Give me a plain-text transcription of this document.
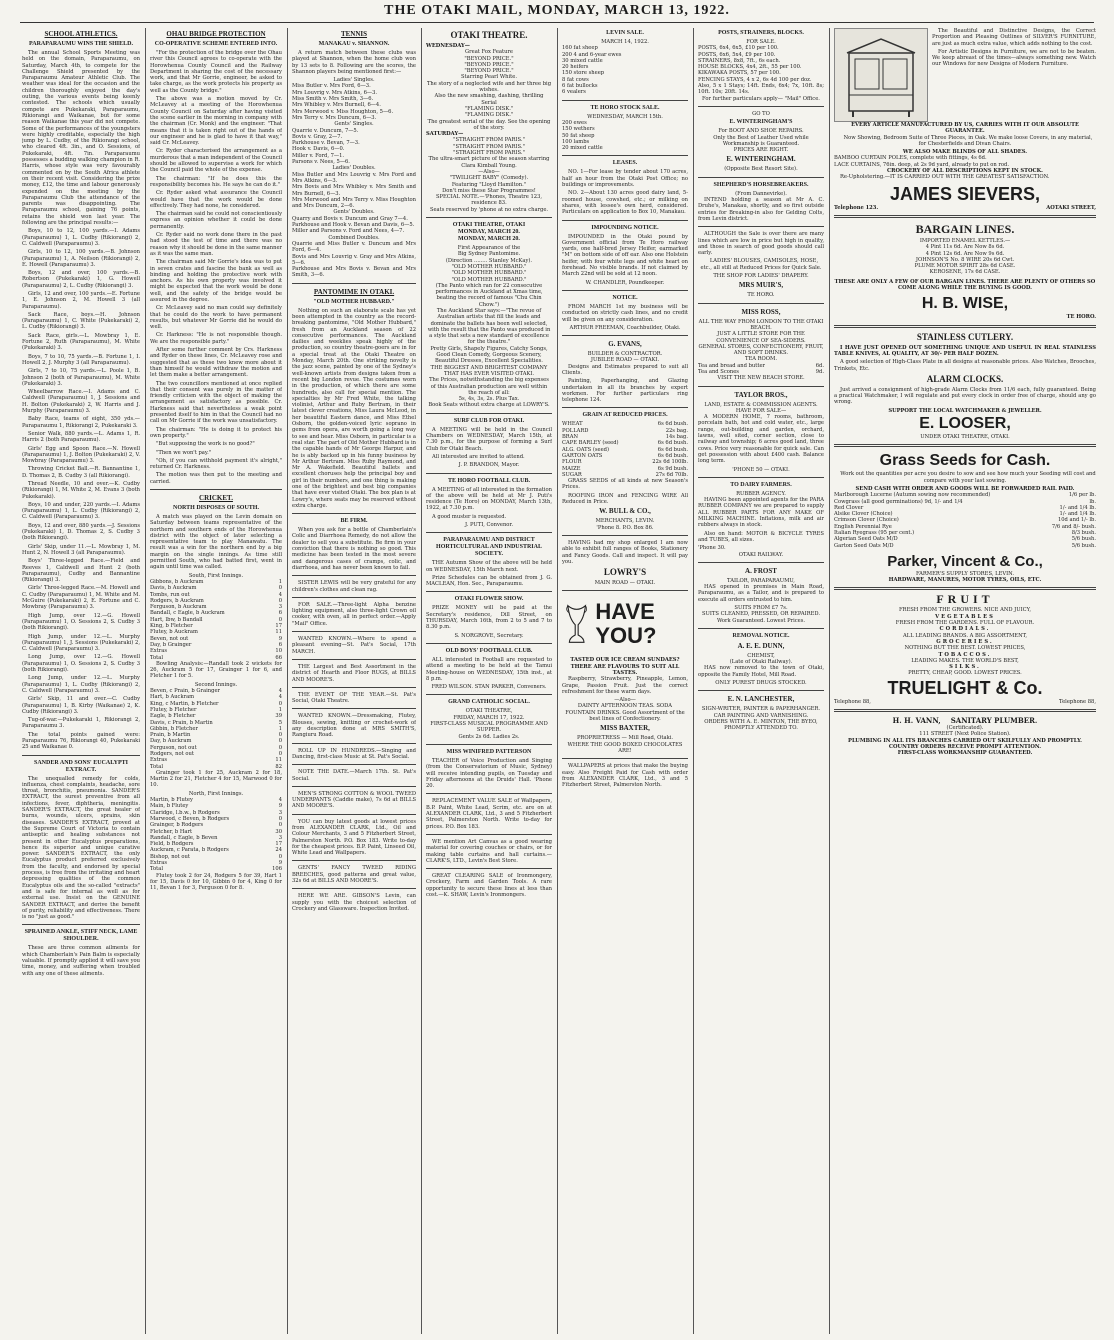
THE OTAKI MAIL, MONDAY, MARCH 13, 1922.
SCHOOL ATHLETICS.
PARAPARAUMU WINS THE SHIELD.

The annual School Sports Meeting was held on the domain, Paraparaumu, on Saturday, March 4th, to compete for the Challenge Shield presented by the Paraparaumu Amateur Athletic Club. The weather was ideal for the occasion and the children thoroughly enjoyed the day's outing, the various events being keenly contested. The schools which usually compete are Pukekaraki, Paraparaumu, Rikiorangi and Waikanae, but for some reason Waikanae this year did not compete. Some of the performances of the youngsters were highly creditable, especially the high jump by L. Cudby, of the Rikiorangi school, who cleared 4ft. 3in., and O. Sessions, of Pukekaraki, 4ft. 7in. Paraparaumu possesses a budding walking champion in R. Harris, whose style was very favourably commented on by the South Africa athlete on their recent visit. Considering the prize money, £12, the time and labour generously expended on the meeting by the Paraparaumu Club the attendance of the parents was disappointing. The Paraparaumu school, gaining 76 points, retains the shield won last year. The following are the principal results:—

Boys, 10 to 12, 100 yards.—I. Adams (Paraparaumu) 1, L. Cudby (Rikiorangi) 2, C. Caldwell (Paraparaumu) 3.

Girls, 10 to 12, 100 yards.—B. Johnson (Paraparaumu) 1, A. Neilson (Rikiorangi) 2, E. Howell (Paraparaumu) 3.

Boys, 12 and over, 100 yards.—B. Robertson (Pukekaraki) 1, G. Howell (Paraparaumu) 2, L. Cudby (Rikiorangi) 3.

Girls, 12 and over, 100 yards.—E. Fortune 1, E. Johnson 2, M. Howell 3 (all Paraparaumu).

Sack Race, boys.—H. Johnson (Paraparaumu) 1, C. White (Pukekaraki) 2, L. Cudby (Rikiorangi) 3.

Sack Race, girls.—L. Mowbray 1, E. Fortune 2, Ruth (Paraparaumu), M. White (Pukekaraki) 3.

Boys, 7 to 10, 75 yards.—B. Fortune 1, I. Howell 2, J. Murphy 3 (all Paraparaumu).

Girls, 7 to 10, 75 yards.—L. Poole 1, B. Johnson 2 (both of Paraparaumu), M. White (Pukekaraki) 3.

Wheelbarrow Race.—I. Adams and C. Caldwell (Paraparaumu) 1, J. Sessions and H. Bolton (Pukekaraki) 2, W. Harris and J. Murphy (Paraparaumu) 3.

Baby Race, teams of eight, 350 yds.—Paraparaumu 1, Rikiorangi 2, Pukekaraki 3.

Senior Walk, 880 yards.—L. Adams 1, R. Harris 2 (both Paraparaumu).

Girls' Egg and Spoon Race.—N. Howell (Paraparaumu) 1, J. Bolton (Pukekaraki) 2, V. Mowbray (Paraparaumu) 3.

Throwing Cricket Ball.—R. Bannantine 1, D. Thomas 2, B. Cudby 3 (all Rikiorangi).

Thread Needle, 10 and over.—K. Cudby (Rikiorangi) 1, M. White 2, M. Evans 3 (both Pukekaraki).

Boys, 10 and under, 220 yards.—I. Adams (Paraparaumu) 1, L. Cudby (Rikiorangi) 2, C. Caldwell (Paraparaumu) 3.

Boys, 12 and over, 880 yards.—J. Sessions (Pukekaraki) 1, D. Thomas 2, S. Cudby 3 (both Rikiorangi).

Girls' Skip, under 11.—L. Mowbray 1, M. Hunt 2, N. Howell 3 (all Paraparaumu).

Boys' Three-legged Race.—Field and Reeves 1, Caldwell and Hunt 2 (both Paraparaumu), Cudby and Bannantine (Rikiorangi) 3.

Girls' Three-legged Race.—M. Howell and C. Cudby (Paraparaumu) 1, M. White and M. McGuire (Pukekaraki) 2, E. Fortune and C. Mowbray (Paraparaumu) 3.

High Jump, over 12.—G. Howell (Paraparaumu) 1, O. Sessions 2, S. Cudby 3 (both Rikiorangi).

High Jump, under 12.—L. Murphy (Paraparaumu) 1, J. Sessions (Pukekaraki) 2, C. Caldwell (Paraparaumu) 3.

Long Jump, over 12.—G. Howell (Paraparaumu) 1, O. Sessions 2, S. Cudby 3 (both Rikiorangi).

Long Jump, under 12.—L. Murphy (Paraparaumu) 1, L. Cudby (Rikiorangi) 2, C. Caldwell (Paraparaumu) 3.

Girls' Skip, 11 and over.—C. Cudby (Paraparaumu) 1, B. Kirby (Waikanae) 2, K. Cudby (Rikiorangi) 3.

Tug-of-war.—Pukekaraki 1, Rikiorangi 2, Paraparaumu 3.

The total points gained were: Paraparaumu 76, Rikiorangi 40, Pukekaraki 25 and Waikanae 0.

SANDER AND SONS' EUCALYPTI EXTRACT.

The unequalled remedy for colds, influenza, chest complaints, headache, sore throat, bronchitis, pneumonia. SANDER'S EXTRACT, the surest preventive from all infections, fever, diphtheria, meningitis. SANDER'S EXTRACT, the great healer of burns, wounds, ulcers, sprains, skin diseases. SANDER'S EXTRACT, proved at the Supreme Court of Victoria to contain antiseptic and healing substances not present in other Eucalyptus preparations, hence its superior and unique curative power. SANDER'S EXTRACT, the only Eucalyptus product preferred exclusively from the faculty, and endorsed by special process, is free from the irritating and heart depressing qualities of the common Eucalyptus oils and the so-called "extracts" and is safe for internal as well as for external use. Insist on the GENUINE SANDER EXTRACT, and derive the benefit of purity, reliability and effectiveness. There is no "just as good."

SPRAINED ANKLE, STIFF NECK, LAME SHOULDER.

These are three common ailments for which Chamberlain's Pain Balm is especially valuable. If promptly applied it will save you time, money, and suffering when troubled with any one of these ailments.

OHAU BRIDGE PROTECTION
CO-OPERATIVE SCHEME ENTERED INTO.

"For the protection of the bridge over the Ohau river this Council agrees to co-operate with the Horowhenua County Council and the Railway Department in sharing the cost of the necessary work, and that Mr Gorrie, engineer, be asked to take charge, as the work protects his property as well as the County bridge."

The above was a motion moved by Cr. McLeavey at a meeting of the Horowhenua County Council on Saturday after having visited the scene earlier in the morning in company with the chairman (Cr. Monk) and the engineer. "That means that it is taken right out of the hands of our engineer and he is glad to have it that way," said Cr. McLeavey.

Cr. Ryder characterised the arrangement as a murderous that a man independent of the Council should be allowed to supervise a work for which the Council paid the whole of the expense.

The chairman: "If he does this the responsibility becomes his. He says he can do it."

Cr. Ryder asked what assurance the Council would have that the work would be done effectively. They had none, he considered.

The chairman said he could not conscientiously express an opinion whether it could be done permanently.

Cr. Ryder said no work done there in the past had stood the test of time and there was no reason why it should be done in the same manner as it was the same man.

The chairman said Mr Gorrie's idea was to put in seven crates and fascine the bank as well as binding and holding the protective work with anchors. As his own property was involved it might be expected that the work would be done well, and the safety of the bridge would be assured in the degree.

Cr. McLeavey said no man could say definitely that he could do the work to have permanent results, but whatever Mr Gorrie did he would do well.

Cr. Harkness: "He is not responsible though. We are the responsible party."

After some further comment by Crs. Harkness and Ryder on these lines, Cr. McLeavey rose and suggested that as these two knew more about it than himself he would withdraw the motion and let them make a better arrangement.

The two councillors mentioned at once replied that their consent was purely in the matter of friendly criticism with the object of making the arrangement as satisfactory as possible. Cr. Harkness said that nevertheless a weak point presented itself to him in that the Council had no call on Mr Gorrie if the work was unsatisfactory.

The chairman: "He is doing it to protect his own property."

"But supposing the work is no good?"

"Then we won't pay."

"Oh, if you can withhold payment it's alright," returned Cr. Harkness.

The motion was then put to the meeting and carried.

CRICKET.
NORTH DISPOSES OF SOUTH.

A match was played on the Levin domain on Saturday between teams representative of the northern and southern ends of the Horowhenua district with the object of later selecting a representative team to play Manawatu. The result was a win for the northern end by a big margin on the single innings. As time still permitted South, who had batted first, went in again until time was called.

South, First Innings.
Gibbons, b Auckram	1
Davis, b Auckram	0
Tombs, run out	4
Rodgers, b Auckram	0
Ferguson, b Auckram	3
Bandall, c Eagle, b Auckram	6
Hart, lbw, b Bandall	0
King, b Fletcher	17
Flutey, b Auckram	11
Beven, not out	9
Day, b Grainger	6
Extras	10
Total	66

Bowling Analysis:—Randall took 2 wickets for 26, Auckram 5 for 17, Grainger 1 for 6, and Fletcher 1 for 5.

Second Innings.
Beven, c Prain, b Grainger	4
Hart, b Auckram	4
King, c Martin, b Fletcher	0
Flutey, b Fletcher	1
Eagle, b Fletcher	39
Davis, c Prain, b Martin	5
Gibbin, b Fletcher	1
Prain, b Martin	0
Day, b Auckram	0
Ferguson, not out	0
Rodgers, not out	0
Extras	11
Total	82

Grainger took 1 for 25, Auckram 2 for 18, Martin 2 for 21, Fletcher 4 for 15, Marwood 0 for 10.

North, First Innings.
Martin, b Flutey	4
Main, b Flutey	9
Claridge, l.b.w., b Rodgers	3
Marwood, c Beven, b Rodgers	0
Grainger, b Rodgers	0
Fletcher, b Hart	30
Randall, c Eagle, b Beven	3
Field, b Rodgers	17
Auckram, c Parata, b Rodgers	24
Bishop, not out	0
Extras	9
Total	106

Flutey took 2 for 24, Rodgers 5 for 39, Hart 1 for 15, Davis 0 for 10, Gibbin 0 for 4, King 0 for 11, Bevan 1 for 3, Ferguson 0 for 8.

TENNIS
MANAKAU v. SHANNON.

A return match between these clubs was played at Shannon, when the home club won by 13 sets to 8. Following are the scores, the Shannon players being mentioned first:—

Ladies' Singles.
Miss Butler v. Mrs Ford, 6—3.
Mrs Louvrig v. Mrs Atkins, 6—3.
Miss Smith v. Mrs Smith, 3—6.
Mrs Whibley v. Mrs Burnell, 6—4.
Mrs Merwood v. Miss Houghton, 5—6.
Mrs Terry v. Mrs Duncum, 6—3.
Gents' Singles.
Quarrie v. Duncum, 7—5.
Bovis v. Gray, 2—7.
Parkhouse v. Bevan, 7—3.
Hook v. Davis, 6—0.
Miller v. Ford, 7—1.
Parsons v. Nees, 5—6.
Ladies' Doubles.
Miss Butler and Mrs Louvrig v. Mrs Ford and Mrs Atkins, 6—3.
Mrs Bovis and Mrs Whibley v. Mrs Smith and Mrs Burnell, 6—3.
Mrs Merwood and Mrs Terry v. Miss Houghton and Mrs Duncum, 2—6.
Gents' Doubles.
Quarry and Bovis v. Duncum and Gray 7—4.
Parkhouse and Hook v. Bevan and Davis, 6—5.
Miller and Parsons v. Ford and Nees, 4—7.
Combined Doubles.
Quarrie and Miss Butler v. Duncum and Mrs Ford, 6—4.
Bovis and Mrs Louvrig v. Gray and Mrs Atkins, 5—6.
Parkhouse and Mrs Bovis v. Bevan and Mrs Smith, 3—6.
PANTOMIME IN OTAKI.
"OLD MOTHER HUBBARD."

Nothing on such an elaborate scale has yet been attempted in the country as the record-breaking pantomime, "Old Mother Hubbard," fresh from an Auckland season of 22 consecutive performances. The Auckland dailies and weeklies speak highly of the production, so country theatre-goers are in for a special treat at the Otaki Theatre on Monday, March 20th. One striking novelty is the jazz scene, painted by one of the Sydney's well-known artists from designs taken from a recent big London revue. The costumes worn in the production, of which there are some hundreds, also call for special mention. The specialties by Mr Fred White, the talking violinist, Arthur and Ruby Bertram, in their latest clever creations, Miss Laura McLeod, in her beautiful Eastern dance, and Miss Ethel Osborn, the golden-voiced lyric soprano in gems from opera, are worth going a long way to see and hear. Miss Osborn, in particular is a real star. The part of Old Mother Hubbard is in the capable hands of Mr George Harpur, and he is ably backed up in his funny business by Mr Arthur Bertram. Miss Ruby Raymond, and Mr A. Wakefield. Beautiful ballets and excellent choruses help the principal boy and girl in their numbers, and one thing is making one of the brightest and best big companies that have ever visited Otaki. The box plan is at Lowry's, where seats may be reserved without extra charge.

BE FIRM.

When you ask for a bottle of Chamberlain's Colic and Diarrhoea Remedy, do not allow the dealer to sell you a substitute. Be firm in your conviction that there is nothing so good. This medicine has been tested in the most severe and dangerous cases of cramps, colic, and diarrhoea, and has never been known to fail.

SISTER LEWIS will be very grateful for any children's clothes and clean rag.

FOR SALE.—Three-light Alpha benzine lighting equipment, also three-light Crown oil cooker, with oven, all in perfect order.—Apply "Mail" Office.

WANTED KNOWN.—Where to spend a pleasant evening—St. Pat's Social, 17th MARCH.

THE Largest and Best Assortment in the district of Hearth and Floor RUGS, at BILLS AND MOORE'S.

THE EVENT OF THE YEAR.—St. Pat's Social, Otaki Theatre.

WANTED KNOWN.—Dressmaking, Flutey, Blouses, sewing, knitting or crochet-work of any description done at MRS SMITH'S, Rangiuru Road.

ROLL UP IN HUNDREDS.—Singing and Dancing, first-class Music at St. Pat's Social.

NOTE THE DATE.—March 17th. St. Pat's Social.

MEN'S STRONG COTTON & WOOL TWEED UNDERPANTS (Caddie make), 7s 6d at BILLS AND MOORE'S.

YOU can buy latest goods at lowest prices from ALEXANDER CLARK, Ltd., Oil and Colour Merchants, 3 and 5 Fitzherbert Street, Palmerston North. P.O. Box 183. Write to-day for the cheapest prices. B.P. Paint, Linseed Oil, White Lead and Wallpapers.

GENTS' FANCY TWEED RIDING BREECHES, good patterns and great value, 32s 6d at BILLS AND MOORE'S.

HERE WE ARE. GIBSON'S Levin, can supply you with the choicest selection of Crockery and Glassware. Inspection Invited.

OTAKI THEATRE.
WEDNESDAY—
Great Fox Feature
"BEYOND PRICE."
"BEYOND PRICE."
"BEYOND PRICE."
Starring Pearl White.
The story of a neglected wife and her three big wishes.
Also the new smashing, dashing, thrilling Serial
"FLAMING DISK."
"FLAMING DISK."
The greatest serial of the day. See the opening of the story.
SATURDAY—
"STRAIGHT FROM PARIS."
"STRAIGHT FROM PARIS."
"STRAIGHT FROM PARIS."
The ultra-smart picture of the season starring Clara Kimball Young.
—Also—
"TWILIGHT BABY" (Comedy).
Featuring "Lloyd Hamilton."
Don't miss these Star Programmes!
SPECIAL NOTE.—'Phones, Theatre 123, residence 83.
Seats reserved by 'phone at no extra charge.
OTAKI THEATRE, OTAKI
MONDAY, MARCH 20.
MONDAY, MARCH 20.
First Appearance of the
Big Sydney Pantomime.
(Direction ........ Stanley McKay).
"OLD MOTHER HUBBARD."
"OLD MOTHER HUBBARD."
"OLD MOTHER HUBBARD."
(The Panto which ran for 22 consecutive performances in Auckland at Xmas time, beating the record of famous "Chu Chin Chow.")
The Auckland Star says:—"The revue of Australian artists that fill the leads and dominate the ballets has been well selected, with the result that the Panto was produced in a style that sets a new standard of excellence for the theatre."
Pretty Girls, Shapely Figures, Catchy Songs, Good Clean Comedy, Gorgeous Scenery, Beautiful Dresses, Excellent Specialities.
THE BIGGEST AND BRIGHTEST COMPANY THAT HAS EVER VISITED OTAKI.
The Prices, notwithstanding the big expenses of this Australian production are well within the reach of all:
5s, 4s, 3s, 2s. Plus Tax.
Book Seats without extra charge at LOWRY'S.
SURF CLUB FOR OTAKI.

A MEETING will be held in the Council Chambers on WEDNESDAY, March 15th, at 7.30 p.m., for the purpose of forming a Surf Club for Otaki Beach.

All interested are invited to attend.

J. P. BRANDON, Mayor.
TE HORO FOOTBALL CLUB.

A MEETING of all interested in the formation of the above will be held at Mr J. Puti's residence (Te Horo) on MONDAY, March 13th, 1922, at 7.30 p.m.

A good muster is requested.

J. PUTI, Convenor.
PARAPARAUMU AND DISTRICT HORTICULTURAL AND INDUSTRIAL SOCIETY.

THE Autumn Show of the above will be held on WEDNESDAY, 15th March next.

Prize Schedules can be obtained from J. G. MACLEAN, Hon. Sec., Paraparaumu.

OTAKI FLOWER SHOW.

PRIZE MONEY will be paid at the Secretary's residence, Dill Street, on THURSDAY, March 16th, from 2 to 5 and 7 to 8.30 p.m.

S. NORGROVE, Secretary.
OLD BOYS' FOOTBALL CLUB.

ALL interested in Football are requested to attend a meeting to be held at the Tamui Meeting-house on WEDNESDAY, 15th inst., at 8 p.m.

FRED WILSON. STAN PARKER, Conveners.
GRAND CATHOLIC SOCIAL.
OTAKI THEATRE,
FRIDAY, MARCH 17, 1922.
FIRST-CLASS MUSICAL PROGRAMME AND SUPPER.
Gents 2s 6d. Ladies 2s.
MISS WINIFRED PATTERSON

TEACHER of Voice Production and Singing (from the Conservatorium of Music, Sydney) will receive intending pupils, on Tuesday and Friday afternoons at the Druids' Hall. 'Phone 20.

REPLACEMENT VALUE SALE of Wallpapers, B.P. Paint, White Lead, Scrim, etc. are on at ALEXANDER CLARK, Ltd., 3 and 5 Fitzherbert Street, Palmerston North. Write to-day for prices. P.O. Box 183.

WE mention Art Canvas as a good wearing material for covering couches or chairs, or for making table curtains and hall curtains.—CLARK'S, LTD., Levin's Best Store.

GREAT CLEARING SALE of Ironmongery, Crockery, Farm and Garden Tools. A rare opportunity to secure these lines at less than cost.—K. SHAW, Levin's Ironmongers.

LEVIN SALE.
MARCH 14, 1922.
160 fat sheep
200 4 and 6-year ewes
30 mixed cattle
20 heifers
150 store sheep
8 fat cows
6 fat bullocks
6 vealers
TE HORO STOCK SALE.
WEDNESDAY, MARCH 15th.
200 ewes
150 wethers
50 fat sheep
100 lambs
20 mixed cattle
LEASES.

NO. 1—For lease by tender about 170 acres, half an hour from the Otaki Post Office; no buildings or improvements.

NO. 2—About 130 acres good dairy land, 5-roomed house, cowshed, etc.; or milking on shares, with lessee's own herd, considered. Particulars on application to Box 10, Manakau.

IMPOUNDING NOTICE.

IMPOUNDED in the Otaki pound by Government official from Te Horo railway yards, one half-bred Jersey Heifer, earmarked "M" on bottom side of off ear. Also one Holstein heifer, with four white legs and white heart on forehead. No visible brands. If not claimed by March 22nd will be sold at 12 noon.

W. CHANDLER, Poundkeeper.
NOTICE.

FROM MARCH 1st my business will be conducted on strictly cash lines, and no credit will be given on any consideration.

ARTHUR FREEMAN, Coachbuilder, Otaki.
G. EVANS,
BUILDER & CONTRACTOR.
JUBILEE ROAD — OTAKI.

Designs and Estimates prepared to suit all Clients.

Painting, Paperhanging, and Glazing undertaken in all its branches by expert workmen. For further particulars ring telephone 124.

GRAIN AT REDUCED PRICES.
WHEAT	6s 6d bush.
POLLARD	22s bag.
BRAN	14s bag.
CAPE BARLEY (seed)	6s 6d bush.
ALG. OATS (seed)	6s 6d bush.
GARTON OATS	6s 6d bush.
FLOUR	22s 6d 100lb.
MAIZE	6s 9d bush.
SUGAR	27s 6d 70lb.

GRASS SEEDS of all kinds at new Season's Prices.

ROOFING IRON and FENCING WIRE All Reduced in Price.

W. BULL & CO.,
MERCHANTS, LEVIN.
'Phone 8. P.O. Box 86.

HAVING had my shop enlarged I am now able to exhibit full ranges of Books, Stationery and Fancy Goods. Call and inspect. It will pay you.

LOWRY'S
MAIN ROAD — OTAKI.
HAVE YOU?
TASTED OUR ICE CREAM SUNDAES? THERE ARE FLAVOURS TO SUIT ALL TASTES.

Raspberry, Strawberry, Pineapple, Lemon, Grape, Passion Fruit. Just the correct refreshment for these warm days.

—Also—
DAINTY AFTERNOON TEAS. SODA FOUNTAIN DRINKS. Good Assortment of the best lines of Confectionery.
MISS BAXTER,
PROPRIETRESS — Mill Road, Otaki.
WHERE THE GOOD BOXED CHOCOLATES ARE!

WALLPAPERS at prices that make the buying easy. Also Freight Paid for Cash with order from ALEXANDER CLARK, Ltd., 3 and 5 Fitzherbert Street, Palmerston North.

POSTS, STRAINERS, BLOCKS.
FOR SALE.
POSTS, 6x4, 6x5, £10 per 100.
POSTS, 6x6, 5x4, £9 per 100.
STRAINERS, 8x8, 7ft., 6s each.
HOUSE BLOCKS, 4x4, 2ft., 55 per 100.
KIKAWAKA POSTS, 57 per 100.
FENCING STAYS, 4 x 2, 6s 4d 100 per doz.
Also, 5 x 1 Stays; 14ft. Ends, 6x4; 7x, 10ft. 8s; 10ft. 10s; 20ft. 14s.
For further particulars apply— "Mail" Office.
GO TO
E. WINTERINGHAM'S
For BOOT AND SHOE REPAIRS.
Only the Best of Leather Used while Workmanship is Guaranteed.
PRICES ARE RIGHT.
E. WINTERINGHAM.
(Opposite Best Resort Site).
SHEPHERD'S HORSEBREAKERS.
(From Dannevirke).

INTEND holding a season at Mr A. C. Druhe's, Manakau, shortly, and so first outside entries for Breaking-in also for Gelding Colts, from Levin district.

ALTHOUGH the Sale is over there are many lines which are low in price but high in quality, and those in search of good goods should call early.

LADIES' BLOUSES, CAMISOLES, HOSE, etc., all still at Reduced Prices for Quick Sale.

THE SHOP FOR LADIES' DRAPERY.
MRS MUIR'S,
TE HORO.
MISS ROSS,
ALL THE WAY FROM LONDON TO THE OTAKI BEACH.
JUST A LITTLE STORE FOR THE CONVENIENCE OF SEA-SIDERS.
GENERAL STORES, CONFECTIONERY, FRUIT, AND SOFT DRINKS.
TEA ROOM.
Tea and bread and butter	6d.
Tea and Scones	9d.
VISIT THE NEW BEACH STORE.
TAYLOR BROS.,
LAND, ESTATE & COMMISSION AGENTS.
HAVE FOR SALE—

A MODERN HOME, 7 rooms, bathroom, porcelain bath, hot and cold water, etc., large range, out-building and garden, orchard, lawns, well sited, corner section, close to railway and township; 6 acres good land, three cows. Price very reasonable for quick sale. Can get possession with about £400 cash. Balance long term.

'PHONE 50 — OTAKI.
TO DAIRY FARMERS.
RUBBER AGENCY.

HAVING been appointed agents for the PARA RUBBER COMPANY we are prepared to supply ALL RUBBER PARTS FOR ANY MAKE OF MILKING MACHINE. Inflations, milk and air rubbers always in stock.

Also on hand: MOTOR & BICYCLE TYRES and TUBES, all sizes.

'Phone 30.
OTAKI RAILWAY.
A. FROST
TAILOR, PARAPARAUMU,

HAS opened in premises in Main Road, Paraparaumu, as a Tailor, and is prepared to execute all orders entrusted to him.

SUITS FROM £7 7s.
SUITS CLEANED, PRESSED, OR REPAIRED.
Work Guaranteed. Lowest Prices.
REMOVAL NOTICE.
A. E. E. DUNN,
CHEMIST,
(Late of Otaki Railway).

HAS now removed to the town of Otaki, opposite the Family Hotel, Mill Road.

ONLY PUREST DRUGS STOCKED.
E. N. LANCHESTER,
SIGN-WRITER, PAINTER & PAPERHANGER.
CAR PAINTING AND VARNISHING.
ORDERS WITH A. E. MINTON, THE BYEO, PROMPTLY ATTENDED TO.

The Beautiful and Distinctive Designs, the Correct Proportion and Pleasing Outlines of SILVER'S FURNITURE, are just as much extra value, which adds nothing to the cost.

For Artistic Designs in Furniture, we are not to be beaten. We keep abreast of the times—always something new. Watch our Windows for new Designs of Modern Furniture.

EVERY ARTICLE MANUFACTURED BY US, CARRIES WITH IT OUR ABSOLUTE GUARANTEE.

Now Showing, Bedroom Suite of Three Pieces, in Oak. We make loose Covers, in any material, for Chesterfields and Divan Chairs.

WE ALSO MAKE BLINDS OF ALL SHADES.
BAMBOO CURTAIN POLES, complete with fittings, 4s 6d.
LACE CURTAINS, 76in. deep, at 2s 9d yard, already to put on rod.
CROCKERY OF ALL DESCRIPTIONS KEPT IN STOCK.

Re-Upholstering.—IT IS CARRIED OUT WITH THE GREATEST SATISFACTION.

JAMES SIEVERS,
Telephone 123.	AOTAKI STREET,
BARGAIN LINES.
IMPORTED ENAMEL KETTLES.—
4 Pint 11s 6d. Are Now 8s 6d.
4 Pint 12s 6d. Are Now 9s 6d.
JOHNSON'S No. 8 WIRE 20s 6d Cwt.
PLUME MOTOR SPIRIT 28s 6d CASE.
KEROSENE, 17s 6d CASE.
THESE ARE ONLY A FEW OF OUR BARGAIN LINES. THERE ARE PLENTY OF OTHERS SO COME ALONG WHILE THE BUYING IS GOOD.
H. B. WISE,
TE HORO.
STAINLESS CUTLERY.

I HAVE JUST OPENED OUT SOMETHING UNIQUE AND USEFUL IN REAL STAINLESS TABLE KNIVES, AL QUALITY, AT 30/- PER HALF DOZEN.

A good selection of High-Class Plate in all designs at reasonable prices. Also Watches, Brooches, Trinkets, Etc.

ALARM CLOCKS.

Just arrived a consignment of high-grade Alarm Clocks from 11/6 each, fully guaranteed. Being a practical Watchmaker, I will regulate and put every clock in order free of charge, should any go wrong.

SUPPORT THE LOCAL WATCHMAKER & JEWELLER.
E. LOOSER,
UNDER OTAKI THEATRE, OTAKI.
Grass Seeds for Cash.

Work out the quantities per acre you desire to sow and see how much your Seeding will cost and compare with your last sowing.

SEND CASH WITH ORDER AND GOODS WILL BE FORWARDED RAIL PAID.
Marlborough Lucerne (Autumn sowing now recommended)	1/6 per lb.
Cowgrass (all good germinations) 9d, 1/- and 1/4	lb.
Red Clover	1/- and 1/4 lb.
Alsike Clover (Choice)	1/- and 1/4 lb.
Crimson Clover (Choice)	10d and 1/- lb.
English Perennial Rye	7/6 and 8/- bush.
Italian Ryegrass (95 per cent.)	8/3 bush.
Algerian Seed Oats M/D	5/6 bush.
Garton Seed Oats M/D	5/6 bush.
Parker, Vincent & Co.,
FARMER'S SUPPLY STORES, LEVIN.
HARDWARE, MANURES, MOTOR TYRES, OILS, ETC.
FRUIT
FRESH FROM THE GROWERS. NICE AND JUICY,
VEGETABLES
FRESH FROM THE GARDENS. FULL OF FLAVOUR.
CORDIALS.
ALL LEADING BRANDS. A BIG ASSORTMENT,
GROCERIES.
NOTHING BUT THE BEST. LOWEST PRICES,
TOBACCOS.
LEADING MAKES. THE WORLD'S BEST,
SILKS.
PRETTY, CHEAP, GOOD. LOWEST PRICES.
TRUELIGHT & Co.
Telephone 88,	Telephone 88,
H. H. VANN, SANITARY PLUMBER.
(Certificated).
111 STREET (Next Police Station).
PLUMBING IN ALL ITS BRANCHES CARRIED OUT SKILFULLY AND PROMPTLY.
COUNTRY ORDERS RECEIVE PROMPT ATTENTION.
FIRST-CLASS WORKMANSHIP GUARANTEED.
